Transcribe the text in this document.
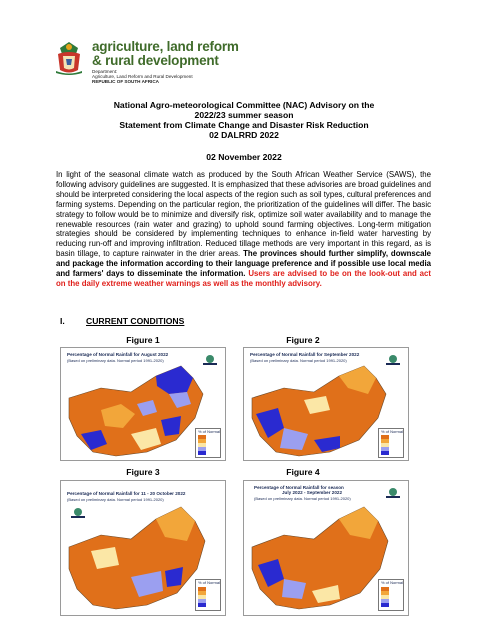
agriculture, land reform
& rural development
Department:
Agriculture, Land Reform and Rural Development
REPUBLIC OF SOUTH AFRICA
National Agro-meteorological Committee (NAC) Advisory on the
2022/23 summer season
Statement from Climate Change and Disaster Risk Reduction
02 DALRRD 2022
02 November 2022
In light of the seasonal climate watch as produced by the South African Weather Service (SAWS), the following advisory guidelines are suggested. It is emphasized that these advisories are broad guidelines and should be interpreted considering the local aspects of the region such as soil types, cultural preferences and farming systems. Depending on the particular region, the prioritization of the guidelines will differ. The basic strategy to follow would be to minimize and diversify risk, optimize soil water availability and to manage the renewable resources (rain water and grazing) to uphold sound farming objectives. Long-term mitigation strategies should be considered by implementing techniques to enhance in-field water harvesting by reducing run-off and improving infiltration. Reduced tillage methods are very important in this regard, as is basin tillage, to capture rainwater in the drier areas. The provinces should further simplify, downscale and package the information according to their language preference and if possible use local media and farmers' days to disseminate the information. Users are advised to be on the look-out and act on the daily extreme weather warnings as well as the monthly advisory.
I. CURRENT CONDITIONS
Figure 1	Figure 2
Figure 3	Figure 4
Percentage of Normal Rainfall for August 2022
(Based on preliminary data. Normal period 1991-2020)
% of Normal
Percentage of Normal Rainfall for September 2022
(Based on preliminary data. Normal period 1991-2020)
% of Normal
Percentage of Normal Rainfall for 11 - 20 October 2022
(Based on preliminary data. Normal period 1991-2020)
% of Normal
Percentage of Normal Rainfall for season
July 2022 - September 2022
(Based on preliminary data. Normal period 1991-2020)
% of Normal
